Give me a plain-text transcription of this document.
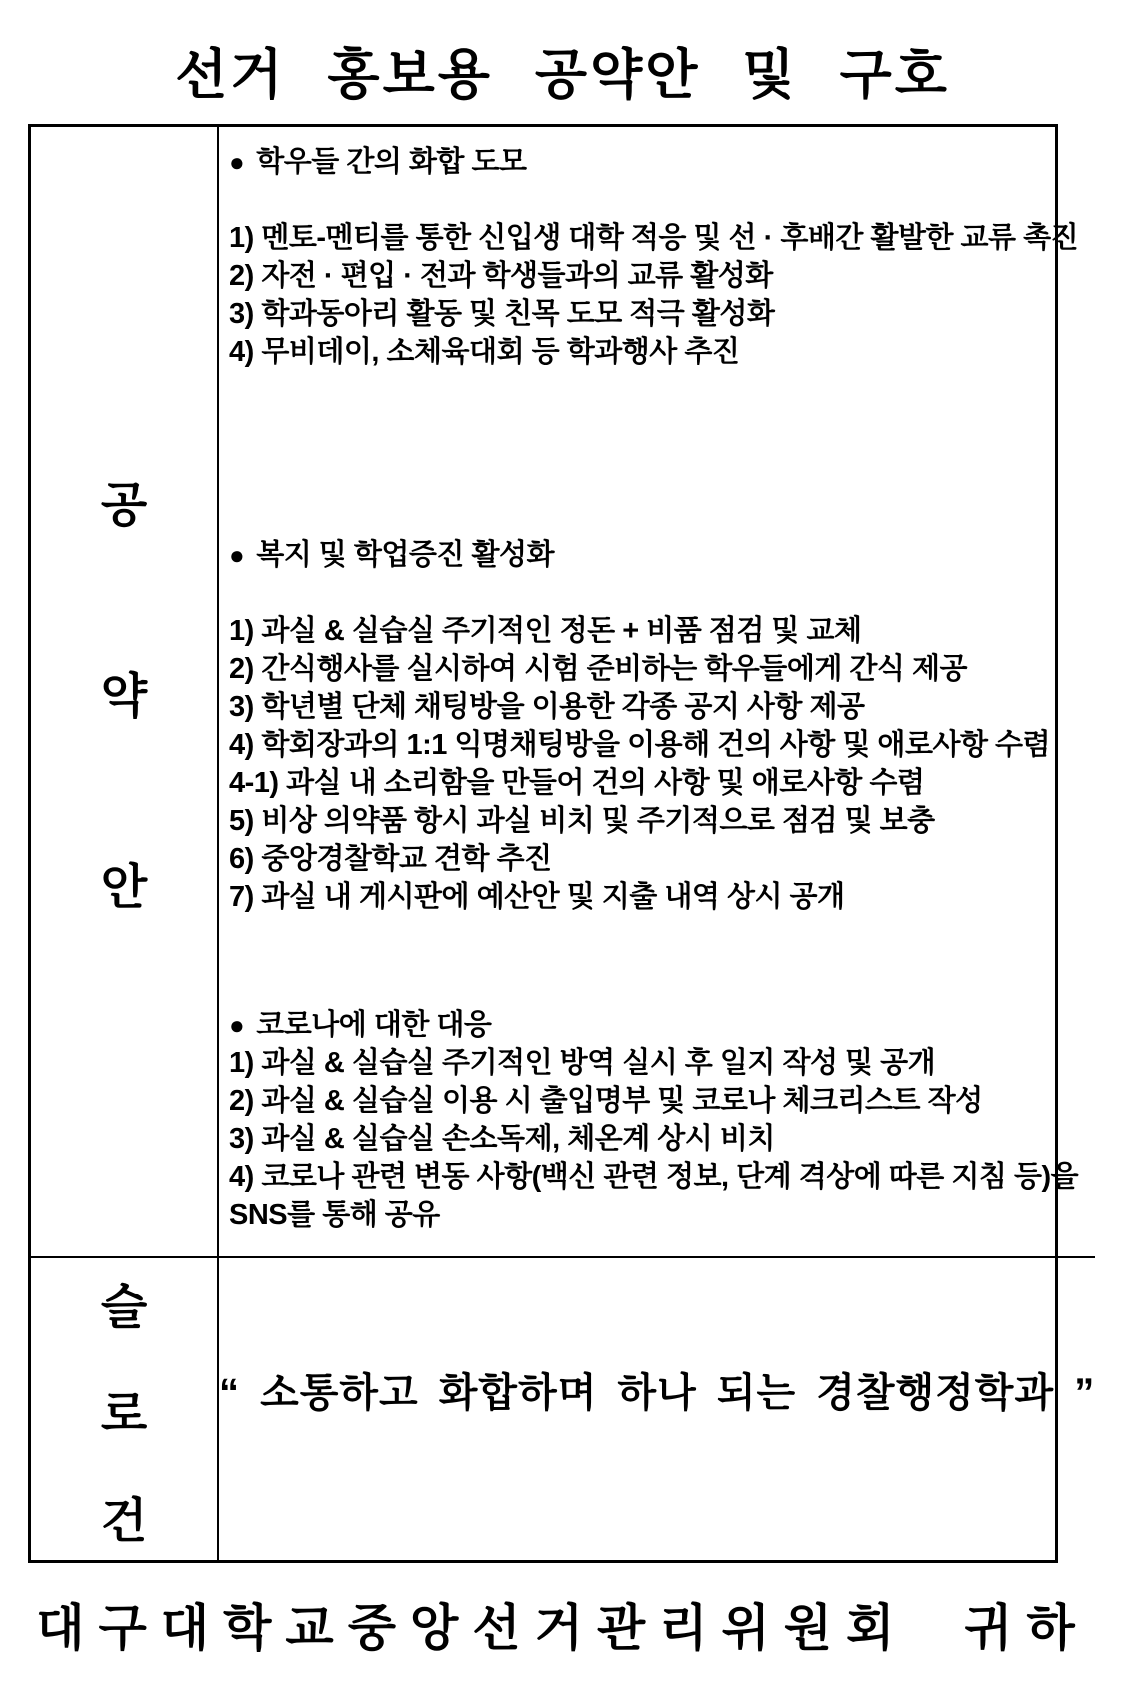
선거 홍보용 공약안 및 구호
공
약
안
● 학우들 간의 화합 도모
1) 멘토-멘티를 통한 신입생 대학 적응 및 선 · 후배간 활발한 교류 촉진
2) 자전 · 편입 · 전과 학생들과의 교류 활성화
3) 학과동아리 활동 및 친목 도모 적극 활성화
4) 무비데이, 소체육대회 등 학과행사 추진
● 복지 및 학업증진 활성화
1) 과실 & 실습실 주기적인 정돈 + 비품 점검 및 교체
2) 간식행사를 실시하여 시험 준비하는 학우들에게 간식 제공
3) 학년별 단체 채팅방을 이용한 각종 공지 사항 제공
4) 학회장과의 1:1 익명채팅방을 이용해 건의 사항 및 애로사항 수렴
4-1) 과실 내 소리함을 만들어 건의 사항 및 애로사항 수렴
5) 비상 의약품 항시 과실 비치 및 주기적으로 점검 및 보충
6) 중앙경찰학교 견학 추진
7) 과실 내 게시판에 예산안 및 지출 내역 상시 공개
● 코로나에 대한 대응
1) 과실 & 실습실 주기적인 방역 실시 후 일지 작성 및 공개
2) 과실 & 실습실 이용 시 출입명부 및 코로나 체크리스트 작성
3) 과실 & 실습실 손소독제, 체온계 상시 비치
4) 코로나 관련 변동 사항(백신 관련 정보, 단계 격상에 따른 지침 등)을 SNS를 통해 공유
슬
로
건
“ 소통하고 화합하며 하나 되는 경찰행정학과 ”
대구대학교중앙선거관리위원회  귀하
